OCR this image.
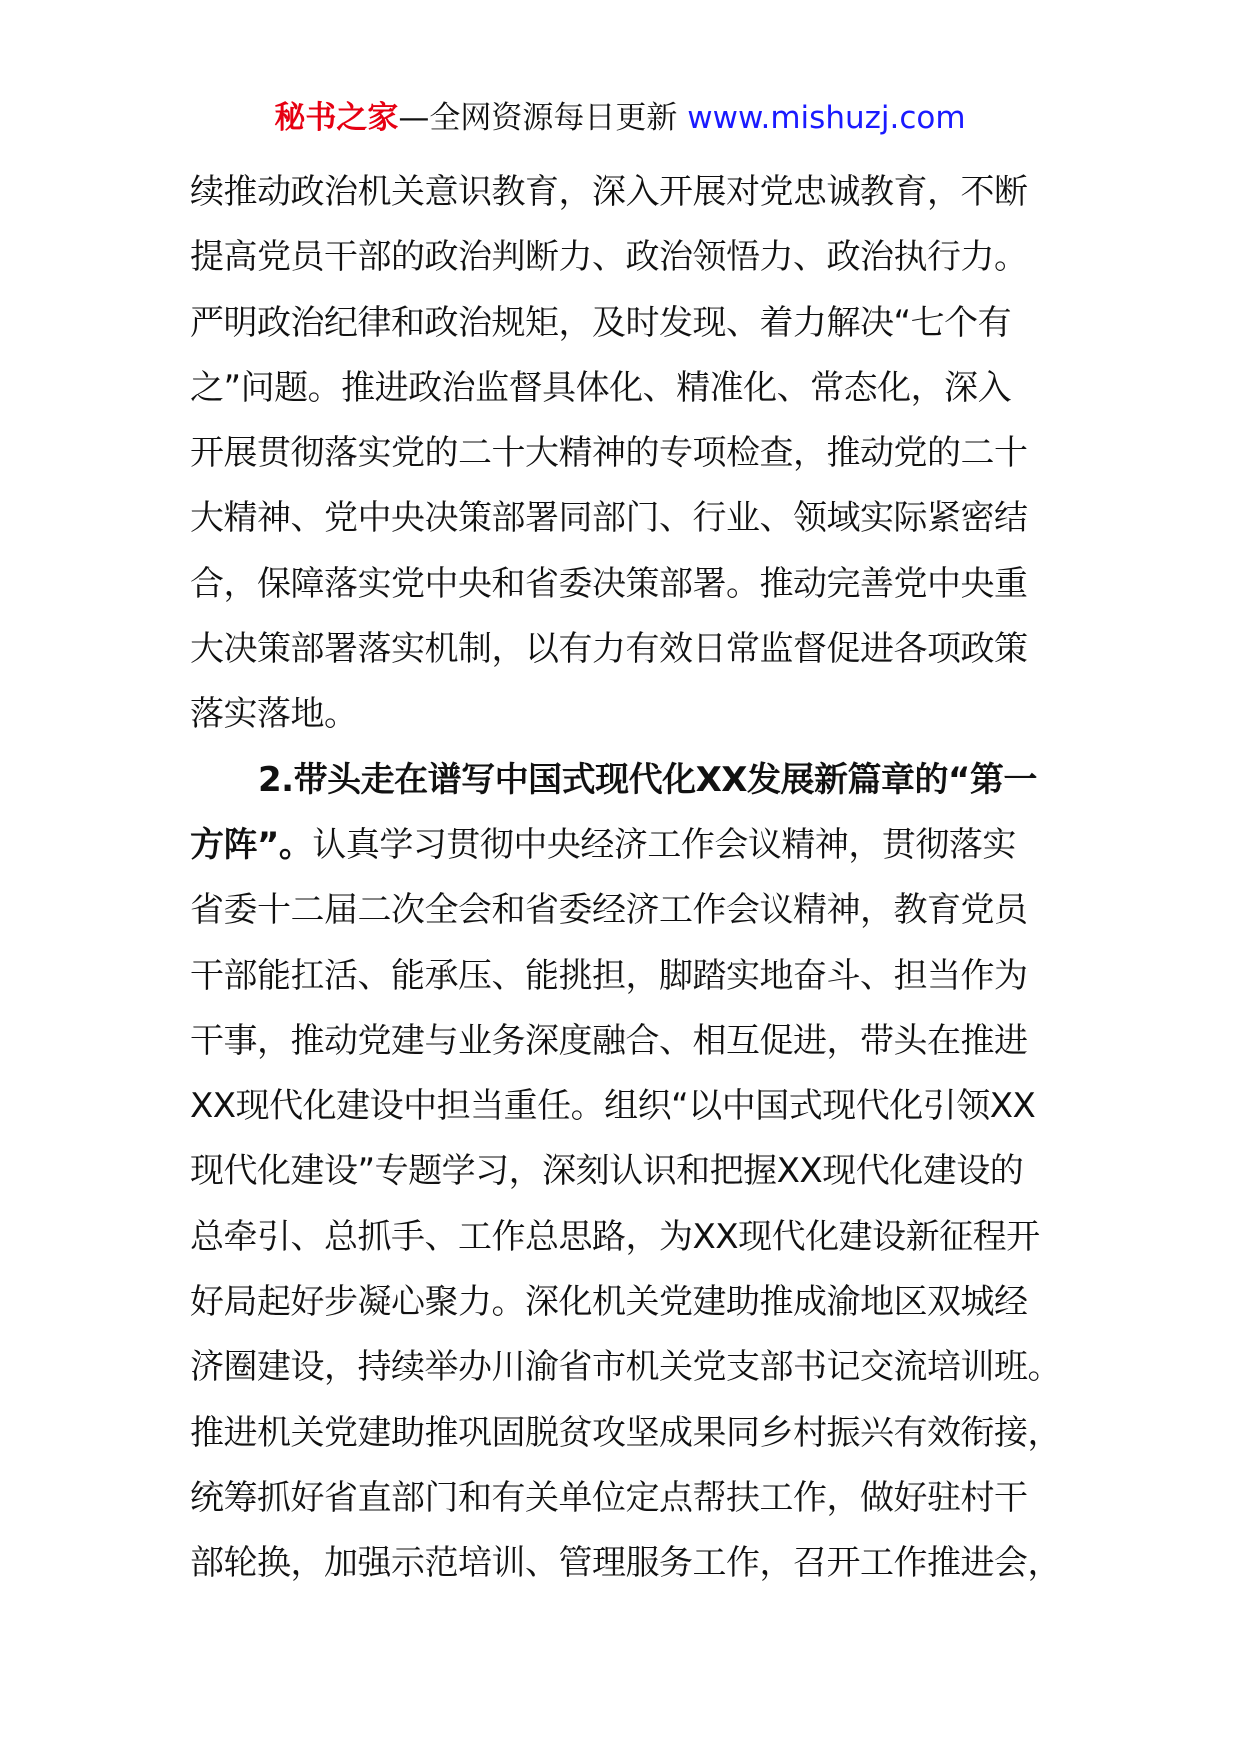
秘书之家—全网资源每日更新 www.mishuzj.com
续推动政治机关意识教育，深入开展对党忠诚教育，不断
提高党员干部的政治判断力、政治领悟力、政治执行力。
严明政治纪律和政治规矩，及时发现、着力解决“七个有
之”问题。推进政治监督具体化、精准化、常态化，深入
开展贯彻落实党的二十大精神的专项检查，推动党的二十
大精神、党中央决策部署同部门、行业、领域实际紧密结
合，保障落实党中央和省委决策部署。推动完善党中央重
大决策部署落实机制，以有力有效日常监督促进各项政策
落实落地。
2.带头走在谱写中国式现代化XX发展新篇章的“第一
方阵”。认真学习贯彻中央经济工作会议精神，贯彻落实
省委十二届二次全会和省委经济工作会议精神，教育党员
干部能扛活、能承压、能挑担，脚踏实地奋斗、担当作为
干事，推动党建与业务深度融合、相互促进，带头在推进
XX现代化建设中担当重任。组织“以中国式现代化引领XX
现代化建设”专题学习，深刻认识和把握XX现代化建设的
总牵引、总抓手、工作总思路，为XX现代化建设新征程开
好局起好步凝心聚力。深化机关党建助推成渝地区双城经
济圈建设，持续举办川渝省市机关党支部书记交流培训班。
推进机关党建助推巩固脱贫攻坚成果同乡村振兴有效衔接，
统筹抓好省直部门和有关单位定点帮扶工作，做好驻村干
部轮换，加强示范培训、管理服务工作，召开工作推进会，
